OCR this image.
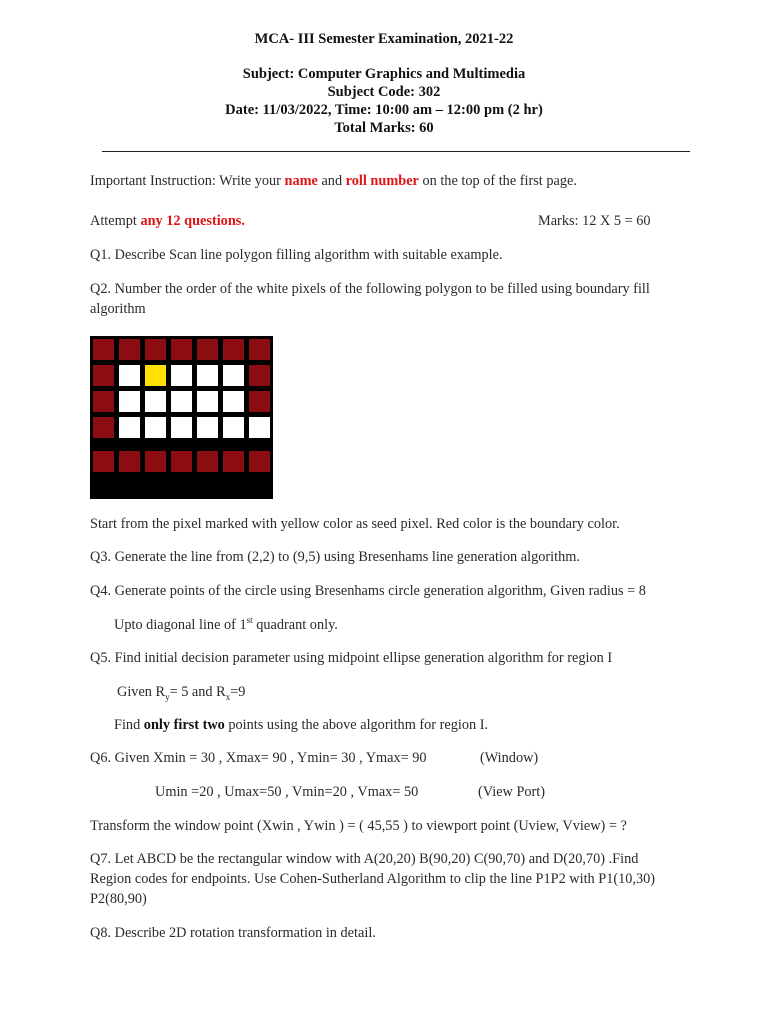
MCA- III Semester Examination, 2021-22
Subject: Computer Graphics and Multimedia
Subject Code: 302
Date: 11/03/2022, Time: 10:00 am – 12:00 pm (2 hr)
Total Marks: 60
Important Instruction: Write your name and roll number on the top of the first page.
Attempt any 12 questions.	Marks: 12 X 5 = 60
Q1. Describe Scan line polygon filling algorithm with suitable example.
Q2. Number the order of the white pixels of the following polygon to be filled using boundary fill
algorithm
Start from the pixel marked with yellow color as seed pixel. Red color is the boundary color.
Q3. Generate the line from (2,2) to (9,5) using Bresenhams line generation algorithm.
Q4. Generate points of the circle using Bresenhams circle generation algorithm, Given radius = 8
Upto diagonal line of 1st quadrant only.
Q5. Find initial decision parameter using midpoint ellipse generation algorithm for region I
Given $R_y= 5$ and $R_x=9$
Find only first two points using the above algorithm for region I.
Q6. Given Xmin = 30 , Xmax= 90 , Ymin= 30 , Ymax= 90	(Window)
Umin =20 , Umax=50 , Vmin=20 , Vmax= 50	(View Port)
Transform the window point (Xwin , Ywin ) = ( 45,55 ) to viewport point (Uview, Vview) = ?
Q7. Let ABCD be the rectangular window with A(20,20) B(90,20) C(90,70) and D(20,70) .Find
Region codes for endpoints. Use Cohen-Sutherland Algorithm to clip the line P1P2 with P1(10,30)
P2(80,90)
Q8. Describe 2D rotation transformation in detail.
